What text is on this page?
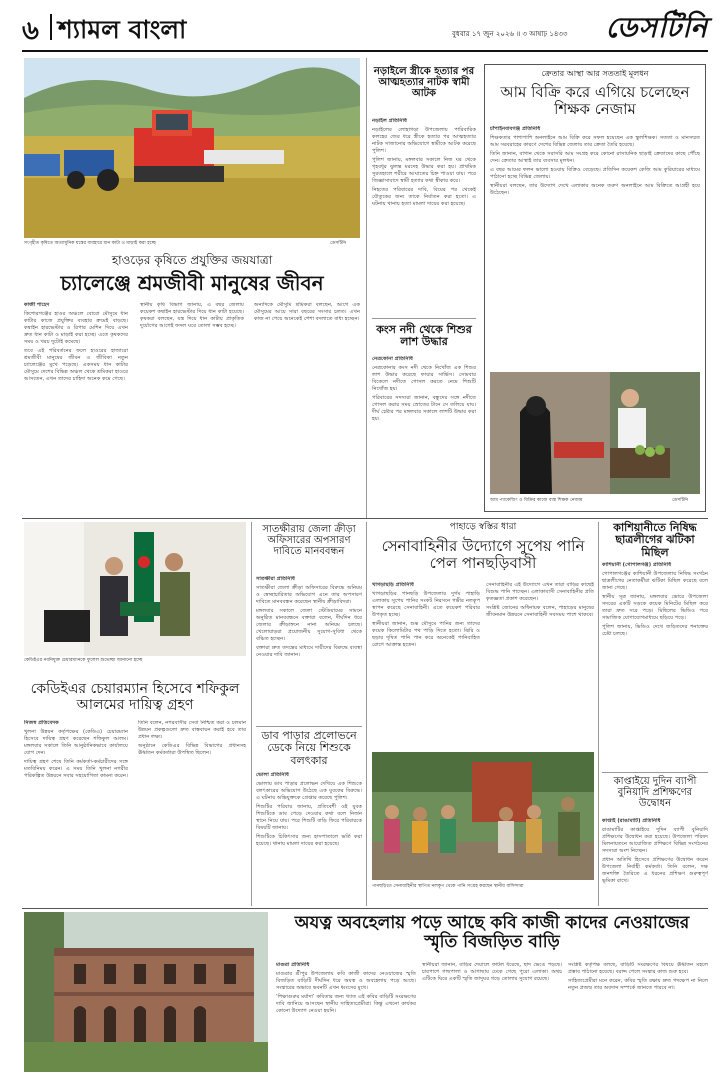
৬ শ্যামল বাংলা	বুধবার ১৭ জুন ২০২৬ ॥ ৩ আষাঢ় ১৪৩৩	ডেসটিনি
সংগৃহীত কৃষিতে অত্যাধুনিক যন্ত্রের ব্যবহারে ধান কাটা ও মাড়াই করা হচ্ছে	ডেসটিনি
হাওড়ের কৃষিতে প্রযুক্তির জয়যাত্রা
চ্যালেঞ্জে শ্রমজীবী মানুষের জীবন

কাজী শাহেদ

কিশোরগঞ্জের হাওর অঞ্চলে বোরো মৌসুমে ধান কাটার কাজে প্রযুক্তির ব্যবহার ক্রমেই বাড়ছে। কম্বাইন হারভেস্টার ও রিপার মেশিন দিয়ে এখন দ্রুত ধান কাটা ও মাড়াই করা হচ্ছে। এতে কৃষকদের সময় ও খরচ দুটোই কমেছে।

তবে এই পরিবর্তনের ফলে হাওরের হাজারো শ্রমজীবী মানুষের জীবন ও জীবিকা নতুন চ্যালেঞ্জের মুখে পড়েছে। একসময় ধান কাটার মৌসুমে দেশের বিভিন্ন অঞ্চল থেকে শ্রমিকরা হাওরে আসতেন, এখন তাদের চাহিদা অনেক কমে গেছে।

স্থানীয় কৃষি বিভাগ জানায়, এ বছর জেলায় কয়েকশ কম্বাইন হারভেস্টার দিয়ে ধান কাটা হয়েছে। কৃষকরা বলছেন, যন্ত্র দিয়ে ধান কাটায় প্রাকৃতিক দুর্যোগের আগেই ফসল ঘরে তোলা সম্ভব হচ্ছে।

অন্যদিকে মৌসুমি শ্রমিকরা বলছেন, আগে এক মৌসুমের আয়ে সারা বছরের সংসার চলত। এখন কাজ না পেয়ে অনেকেই পেশা বদলাতে বাধ্য হচ্ছেন।

নড়াইলে স্ত্রীকে হত্যার পর আত্মহত্যার নাটক স্বামী আটক

নড়াইল প্রতিনিধি

নড়াইলের লোহাগড়া উপজেলায় পারিবারিক কলহের জের ধরে স্ত্রীকে হত্যার পর আত্মহত্যার নাটক সাজানোর অভিযোগে স্বামীকে আটক করেছে পুলিশ।

পুলিশ জানায়, মঙ্গলবার সকালে নিজ ঘর থেকে গৃহবধূর ঝুলন্ত মরদেহ উদ্ধার করা হয়। প্রাথমিক সুরতহালে শরীরে আঘাতের চিহ্ন পাওয়া যায়। পরে জিজ্ঞাসাবাদে স্বামী হত্যার কথা স্বীকার করে।

নিহতের পরিবারের দাবি, বিয়ের পর থেকেই যৌতুকের জন্য তাকে নির্যাতন করা হতো। এ ঘটনায় থানায় হত্যা মামলা দায়ের করা হয়েছে।

কংস নদী থেকে শিশুর লাশ উদ্ধার

নেত্রকোনা প্রতিনিধি

নেত্রকোনার কংস নদী থেকে নিখোঁজ এক শিশুর লাশ উদ্ধার করেছে ফায়ার সার্ভিস। সোমবার বিকেলে নদীতে গোসল করতে নেমে শিশুটি নিখোঁজ হয়।

পরিবারের সদস্যরা জানান, বন্ধুদের সঙ্গে নদীতে গোসল করার সময় স্রোতের টানে সে তলিয়ে যায়। দীর্ঘ চেষ্টার পর মঙ্গলবার সকালে লাশটি উদ্ধার করা হয়।

ক্রেতার আস্থা আর সততাই মূলধন
আম বিক্রি করে এগিয়ে চলেছেন শিক্ষক নেজাম

চাঁপাইনবাবগঞ্জ প্রতিনিধি

শিক্ষকতার পাশাপাশি অনলাইনে আম বিক্রি করে সফল হয়েছেন এক স্কুলশিক্ষক। সততা ও মানসম্মত আম সরবরাহের কারণে দেশের বিভিন্ন জেলায় তার ক্রেতা তৈরি হয়েছে।

তিনি জানান, বাগান থেকে সরাসরি আম সংগ্রহ করে কোনো রাসায়নিক ছাড়াই ক্রেতাদের কাছে পৌঁছে দেন। ক্রেতার আস্থাই তার ব্যবসার মূলধন।

এ বছর আমের ফলন ভালো হওয়ায় বিক্রিও বেড়েছে। প্রতিদিন কয়েকশ কেজি আম কুরিয়ারের মাধ্যমে পাঠানো হচ্ছে বিভিন্ন জেলায়।

স্থানীয়রা বলছেন, তার উদ্যোগ দেখে এলাকার অনেক তরুণ অনলাইনে আম বিক্রিতে আগ্রহী হয়ে উঠেছেন।

আম প্যাকেজিং ও বিক্রির কাজে ব্যস্ত শিক্ষক নেজাম	ডেসটিনি
কেডিইএর নবনিযুক্ত চেয়ারম্যানকে ফুলেল শুভেচ্ছা জানানো হচ্ছে
কেডিইএর চেয়ারম্যান হিসেবে শফিকুল আলমের দায়িত্ব গ্রহণ

নিজস্ব প্রতিবেদক

খুলনা উন্নয়ন কর্তৃপক্ষের (কেডিএ) চেয়ারম্যান হিসেবে দায়িত্ব গ্রহণ করেছেন শফিকুল আলম। মঙ্গলবার সকালে তিনি আনুষ্ঠানিকভাবে কার্যালয়ে যোগ দেন।

দায়িত্ব গ্রহণ শেষে তিনি কর্মকর্তা-কর্মচারীদের সঙ্গে মতবিনিময় করেন। এ সময় তিনি খুলনা নগরীর পরিকল্পিত উন্নয়নে সবার সহযোগিতা কামনা করেন।

তিনি বলেন, নগরবাসীর সেবা নিশ্চিত করা ও চলমান উন্নয়ন প্রকল্পগুলো দ্রুত বাস্তবায়ন করাই হবে তার প্রধান লক্ষ্য।

অনুষ্ঠানে কেডিএর বিভিন্ন বিভাগের প্রধানসহ ঊর্ধ্বতন কর্মকর্তারা উপস্থিত ছিলেন।

সাতক্ষীরায় জেলা ক্রীড়া অফিসারের অপসারণ দাবিতে মানববন্ধন

সাতক্ষীরা প্রতিনিধি

সাতক্ষীরা জেলা ক্রীড়া অফিসারের বিরুদ্ধে অনিয়ম ও স্বেচ্ছাচারিতার অভিযোগ এনে তার অপসারণ দাবিতে মানববন্ধন করেছেন স্থানীয় ক্রীড়াবিদরা।

মঙ্গলবার সকালে জেলা স্টেডিয়ামের সামনে অনুষ্ঠিত মানববন্ধনে বক্তারা বলেন, দীর্ঘদিন ধরে জেলার ক্রীড়াঙ্গনে নানা অনিয়ম চলছে। খেলোয়াড়রা প্রয়োজনীয় সুযোগ-সুবিধা থেকে বঞ্চিত হচ্ছেন।

বক্তারা দ্রুত তদন্তের মাধ্যমে দায়ীদের বিরুদ্ধে ব্যবস্থা নেওয়ার দাবি জানান।

ডাব পাড়ার প্রলোভনে ডেকে নিয়ে শিশুকে বলৎকার

ভোলা প্রতিনিধি

ভোলায় ডাব পাড়ার প্রলোভন দেখিয়ে এক শিশুকে বলৎকারের অভিযোগ উঠেছে এক যুবকের বিরুদ্ধে। এ ঘটনায় অভিযুক্তকে গ্রেপ্তার করেছে পুলিশ।

শিশুটির পরিবার জানায়, প্রতিবেশী ওই যুবক শিশুটিকে ডাব পেড়ে দেওয়ার কথা বলে নির্জন স্থানে নিয়ে যায়। পরে শিশুটি বাড়ি ফিরে পরিবারকে বিষয়টি জানায়।

শিশুটিকে চিকিৎসার জন্য হাসপাতালে ভর্তি করা হয়েছে। থানায় মামলা দায়ের করা হয়েছে।

পাহাড়ে স্বস্তির ধারা
সেনাবাহিনীর উদ্যোগে সুপেয় পানি পেল পানছড়িবাসী

খাগড়াছড়ি প্রতিনিধি

খাগড়াছড়ির পানছড়ি উপজেলার দুর্গম পাহাড়ি এলাকায় সুপেয় পানির সংকট নিরসনে গভীর নলকূপ স্থাপন করেছে সেনাবাহিনী। এতে কয়েকশ পরিবার উপকৃত হচ্ছে।

স্থানীয়রা জানান, শুষ্ক মৌসুমে পানির জন্য তাদের কয়েক কিলোমিটার পথ পাড়ি দিতে হতো। ঝিরি ও ছড়ার দূষিত পানি পান করে অনেকেই পানিবাহিত রোগে আক্রান্ত হতেন।

সেনাবাহিনীর এই উদ্যোগে এখন তারা বাড়ির কাছেই বিশুদ্ধ পানি পাচ্ছেন। এলাকাবাসী সেনাবাহিনীর প্রতি কৃতজ্ঞতা প্রকাশ করেছেন।

সংশ্লিষ্ট জোনের অধিনায়ক বলেন, পাহাড়ের মানুষের জীবনমান উন্নয়নে সেনাবাহিনী সবসময় পাশে থাকবে।

পানছড়িতে সেনাবাহিনীর স্থাপিত নলকূপ থেকে পানি সংগ্রহ করছেন স্থানীয় বাসিন্দারা
কাশিয়ানীতে নিষিদ্ধ ছাত্রলীগের ঝটিকা মিছিল

কাশিয়ানী (গোপালগঞ্জ) প্রতিনিধি

গোপালগঞ্জের কাশিয়ানী উপজেলায় নিষিদ্ধ সংগঠন ছাত্রলীগের নেতাকর্মীরা ঝটিকা মিছিল করেছে বলে জানা গেছে।

স্থানীয় সূত্র জানায়, মঙ্গলবার ভোরে উপজেলা সদরের একটি সড়কে কয়েক মিনিটের মিছিল করে তারা দ্রুত সরে পড়ে। মিছিলের ভিডিও পরে সামাজিক যোগাযোগমাধ্যমে ছড়িয়ে পড়ে।

পুলিশ জানায়, ভিডিও দেখে জড়িতদের শনাক্তের চেষ্টা চলছে।

কাপ্তাইয়ে দুদিন ব্যাপী বুনিয়াদি প্রশিক্ষণের উদ্বোধন

কাপ্তাই (রাঙামাটি) প্রতিনিধি

রাঙামাটির কাপ্তাইয়ে দুদিন ব্যাপী বুনিয়াদি প্রশিক্ষণের উদ্বোধন করা হয়েছে। উপজেলা পরিষদ মিলনায়তনে আয়োজিত প্রশিক্ষণে বিভিন্ন সংগঠনের সদস্যরা অংশ নিচ্ছেন।

প্রধান অতিথি হিসেবে প্রশিক্ষণের উদ্বোধন করেন উপজেলা নির্বাহী কর্মকর্তা। তিনি বলেন, দক্ষ জনশক্তি তৈরিতে এ ধরনের প্রশিক্ষণ গুরুত্বপূর্ণ ভূমিকা রাখে।

অযত্ন অবহেলায় পড়ে আছে কবি কাজী কাদের নেওয়াজের স্মৃতি বিজড়িত বাড়ি

মাগুরা প্রতিনিধি

মাগুরার শ্রীপুর উপজেলায় কবি কাজী কাদের নেওয়াজের স্মৃতি বিজড়িত বাড়িটি দীর্ঘদিন ধরে অযত্ন ও অবহেলায় পড়ে আছে। সংস্কারের অভাবে ভবনটি এখন ধ্বংসের মুখে।

‘শিক্ষাগুরুর মর্যাদা’ কবিতার জন্য খ্যাত এই কবির বাড়িটি সংরক্ষণের দাবি জানিয়ে আসছেন স্থানীয় সাহিত্যপ্রেমীরা। কিন্তু এখনো কার্যকর কোনো উদ্যোগ নেওয়া হয়নি।

স্থানীয়রা জানান, বাড়ির দেয়ালে ফাটল ধরেছে, ছাদ ভেঙে পড়ছে। চারপাশে গাছপালা ও আগাছায় ঢেকে গেছে পুরো এলাকা। অথচ এটিকে ঘিরে একটি স্মৃতি জাদুঘর গড়ে তোলার সুযোগ রয়েছে।

সংশ্লিষ্ট কর্তৃপক্ষ বলছে, বাড়িটি সংরক্ষণের বিষয়ে ঊর্ধ্বতন মহলে প্রস্তাব পাঠানো হয়েছে। বরাদ্দ পেলে সংস্কার কাজ শুরু হবে।

সাহিত্যপ্রেমীরা মনে করেন, কবির স্মৃতি রক্ষায় দ্রুত পদক্ষেপ না নিলে নতুন প্রজন্ম তার অবদান সম্পর্কে জানতে পারবে না।
